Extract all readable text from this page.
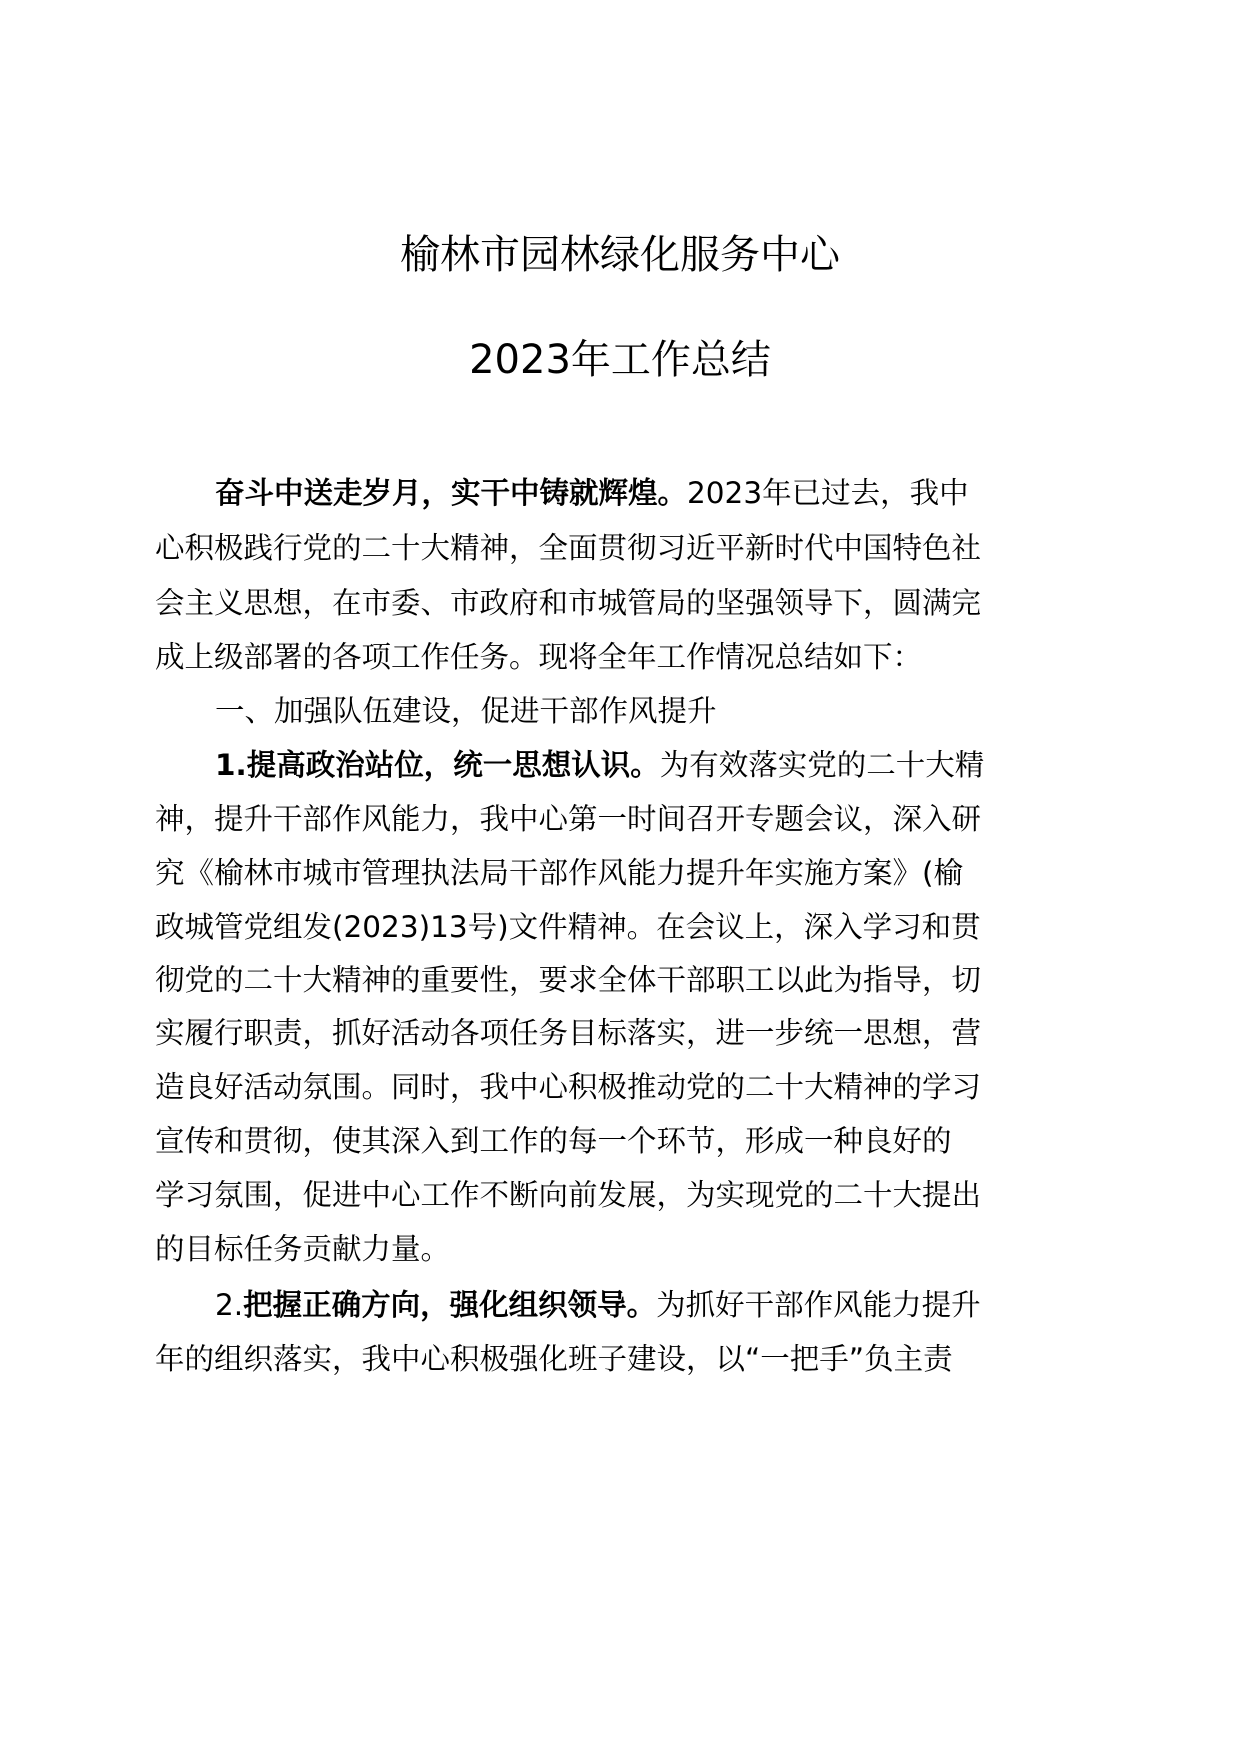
榆林市园林绿化服务中心
2023年工作总结
奋斗中送走岁月，实干中铸就辉煌。2023年已过去，我中
心积极践行党的二十大精神，全面贯彻习近平新时代中国特色社
会主义思想，在市委、市政府和市城管局的坚强领导下，圆满完
成上级部署的各项工作任务。现将全年工作情况总结如下：
一、加强队伍建设，促进干部作风提升
1.提高政治站位，统一思想认识。为有效落实党的二十大精
神，提升干部作风能力，我中心第一时间召开专题会议，深入研
究《榆林市城市管理执法局干部作风能力提升年实施方案》(榆
政城管党组发(2023)13号)文件精神。在会议上，深入学习和贯
彻党的二十大精神的重要性，要求全体干部职工以此为指导，切
实履行职责，抓好活动各项任务目标落实，进一步统一思想，营
造良好活动氛围。同时，我中心积极推动党的二十大精神的学习
宣传和贯彻，使其深入到工作的每一个环节，形成一种良好的
学习氛围，促进中心工作不断向前发展，为实现党的二十大提出
的目标任务贡献力量。
2.把握正确方向，强化组织领导。为抓好干部作风能力提升
年的组织落实，我中心积极强化班子建设，以“一把手”负主责
